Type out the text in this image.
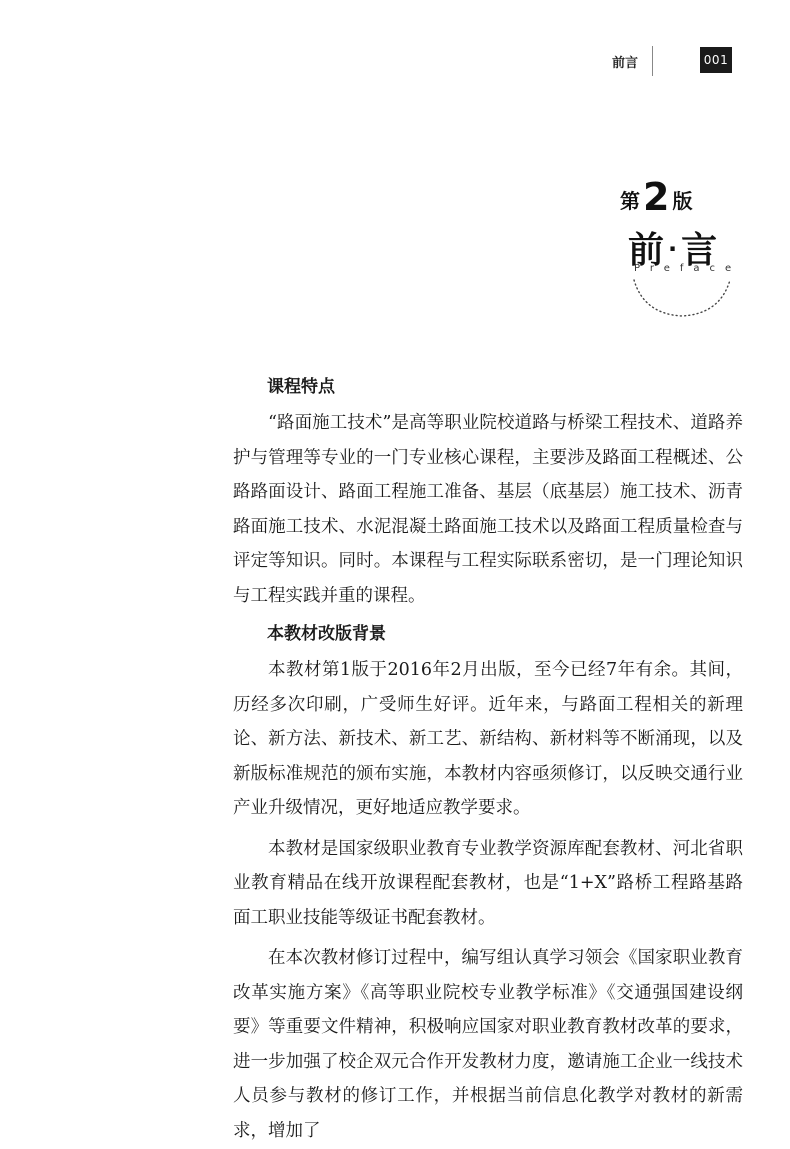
前言	001
第2 版
前·言
Preface
课程特点

“路面施工技术”是高等职业院校道路与桥梁工程技术、道路养护与管理等专业的一门专业核心课程，主要涉及路面工程概述、公路路面设计、路面工程施工准备、基层（底基层）施工技术、沥青路面施工技术、水泥混凝土路面施工技术以及路面工程质量检查与评定等知识。同时。本课程与工程实际联系密切，是一门理论知识与工程实践并重的课程。

本教材改版背景

本教材第1版于2016年2月出版，至今已经7年有余。其间，历经多次印刷，广受师生好评。近年来，与路面工程相关的新理论、新方法、新技术、新工艺、新结构、新材料等不断涌现，以及新版标准规范的颁布实施，本教材内容亟须修订，以反映交通行业产业升级情况，更好地适应教学要求。

本教材是国家级职业教育专业教学资源库配套教材、河北省职业教育精品在线开放课程配套教材，也是“1+X”路桥工程路基路面工职业技能等级证书配套教材。

在本次教材修订过程中，编写组认真学习领会《国家职业教育改革实施方案》《高等职业院校专业教学标准》《交通强国建设纲要》等重要文件精神，积极响应国家对职业教育教材改革的要求，进一步加强了校企双元合作开发教材力度，邀请施工企业一线技术人员参与教材的修订工作，并根据当前信息化教学对教材的新需求，增加了
